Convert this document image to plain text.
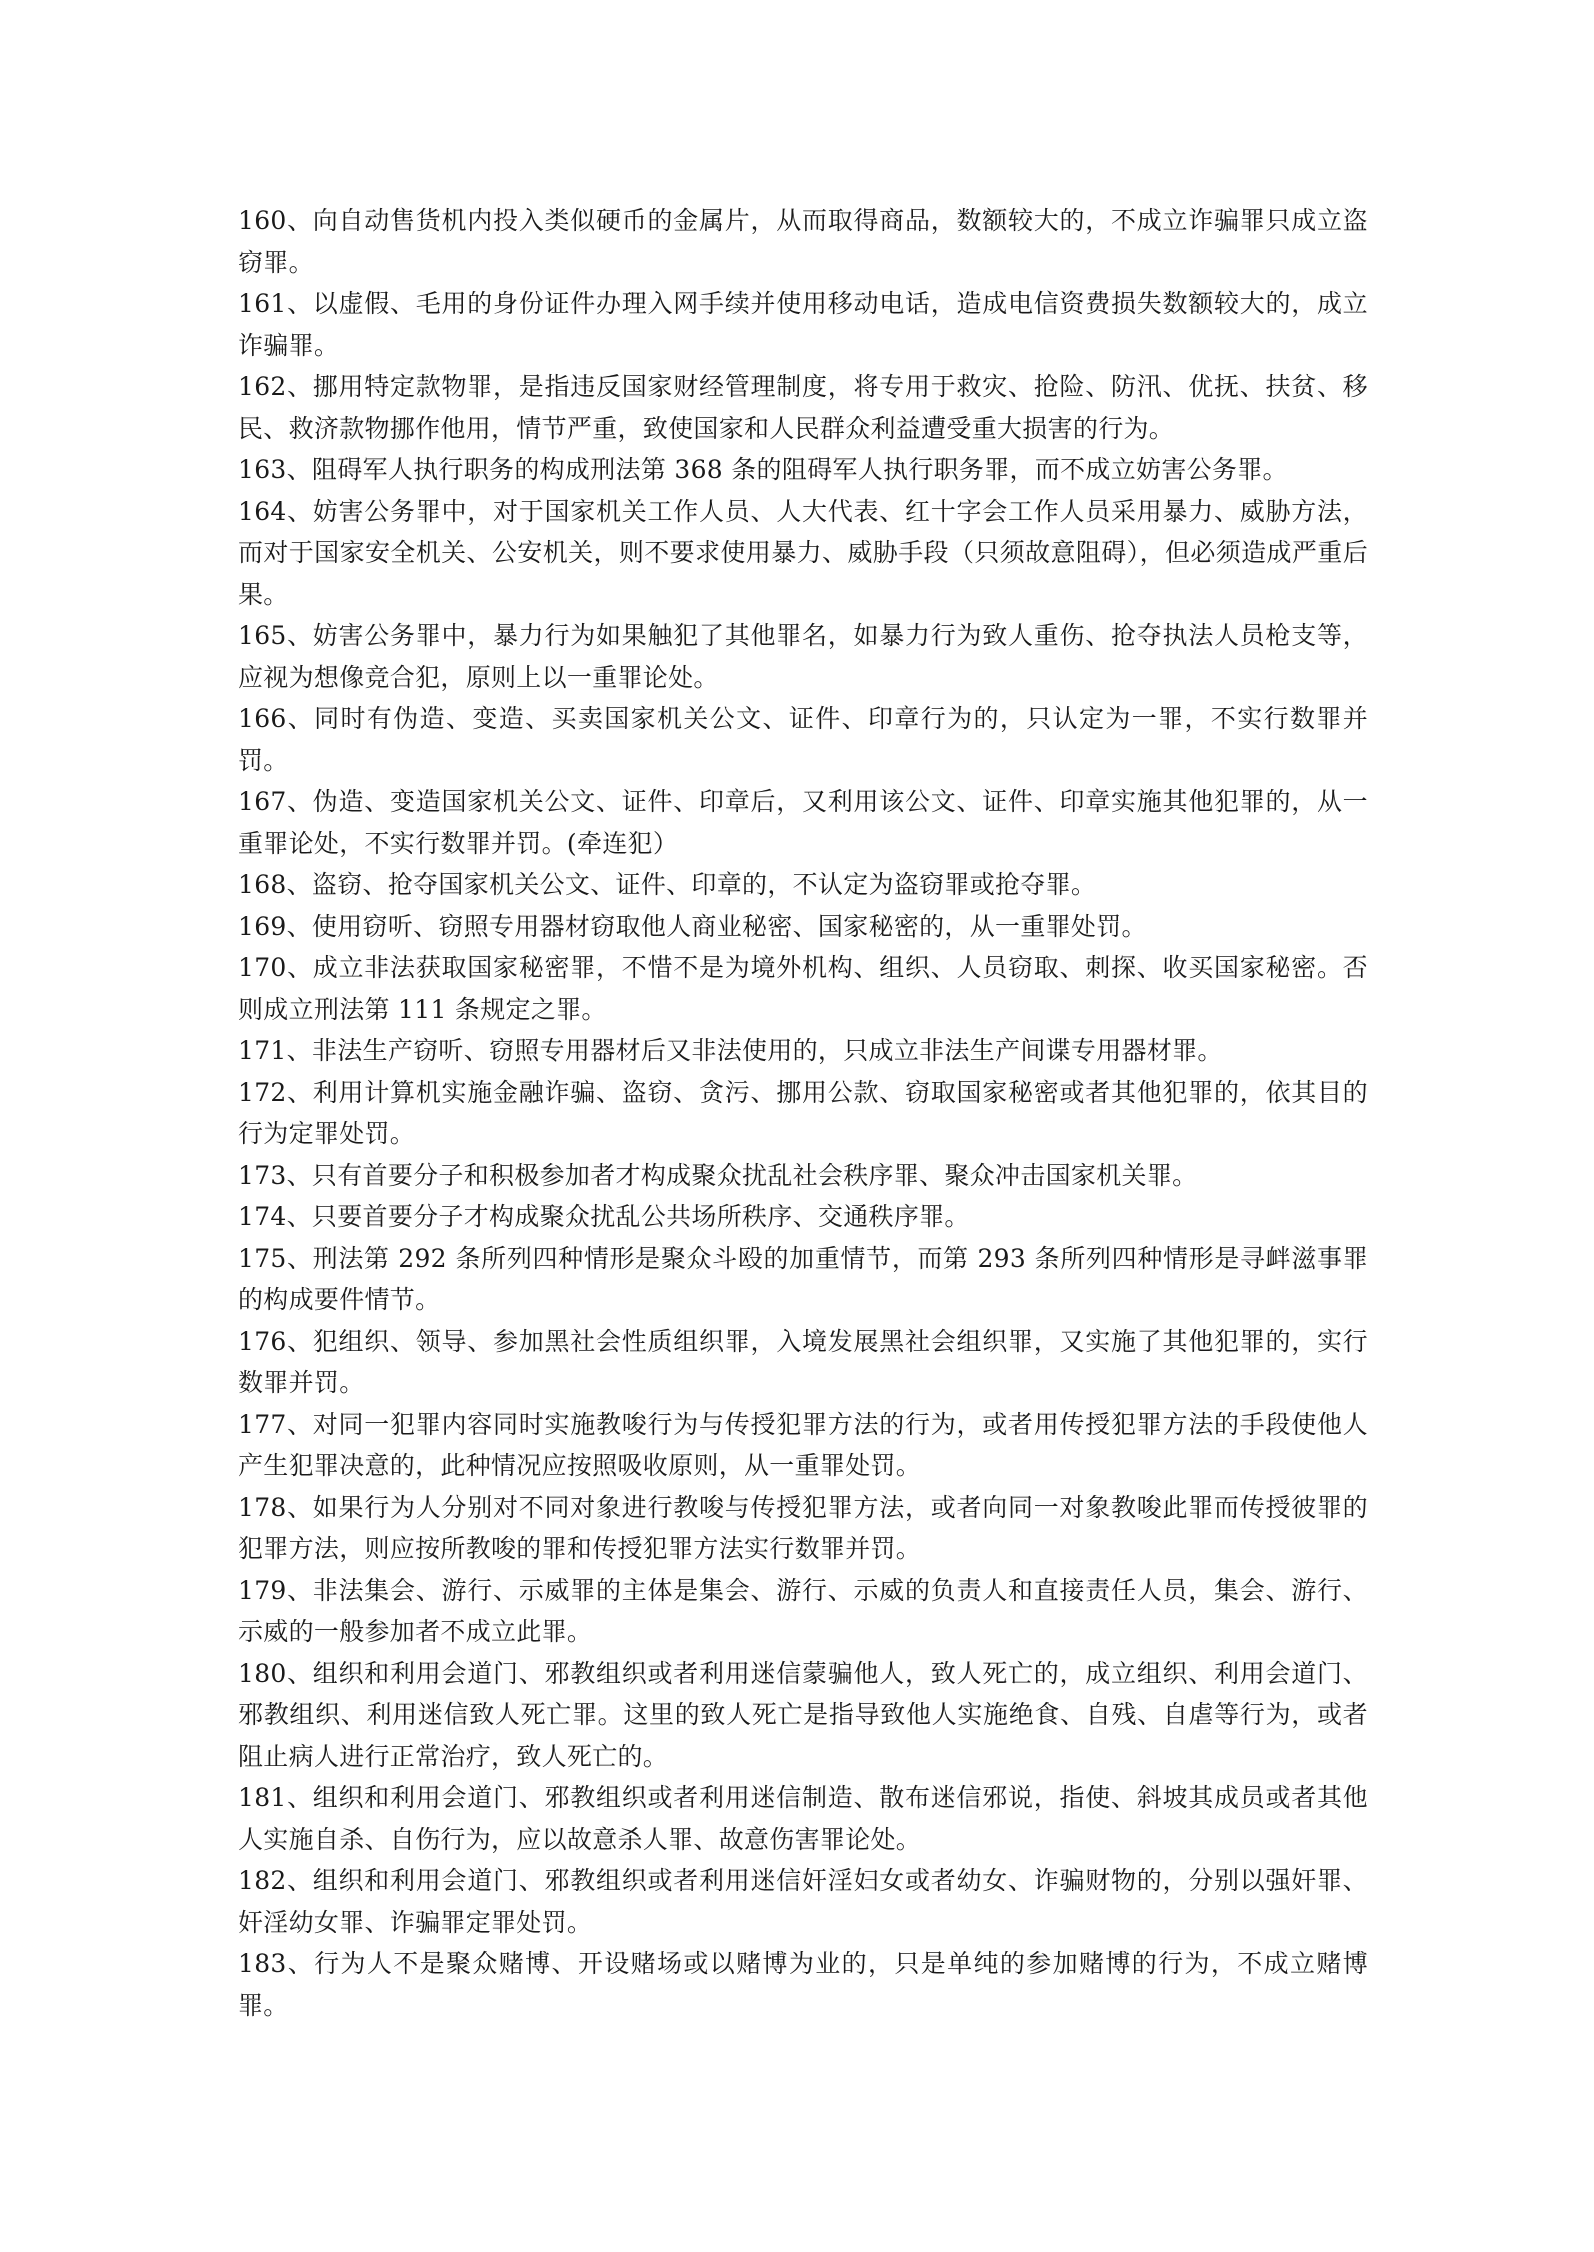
160、向自动售货机内投入类似硬币的金属片，从而取得商品，数额较大的，不成立诈骗罪只成立盗窃罪。

161、以虚假、毛用的身份证件办理入网手续并使用移动电话，造成电信资费损失数额较大的，成立诈骗罪。

162、挪用特定款物罪，是指违反国家财经管理制度，将专用于救灾、抢险、防汛、优抚、扶贫、移民、救济款物挪作他用，情节严重，致使国家和人民群众利益遭受重大损害的行为。

163、阻碍军人执行职务的构成刑法第 368 条的阻碍军人执行职务罪，而不成立妨害公务罪。

164、妨害公务罪中，对于国家机关工作人员、人大代表、红十字会工作人员采用暴力、威胁方法，而对于国家安全机关、公安机关，则不要求使用暴力、威胁手段（只须故意阻碍），但必须造成严重后果。

165、妨害公务罪中，暴力行为如果触犯了其他罪名，如暴力行为致人重伤、抢夺执法人员枪支等，应视为想像竞合犯，原则上以一重罪论处。

166、同时有伪造、变造、买卖国家机关公文、证件、印章行为的，只认定为一罪，不实行数罪并罚。

167、伪造、变造国家机关公文、证件、印章后，又利用该公文、证件、印章实施其他犯罪的，从一重罪论处，不实行数罪并罚。(牵连犯）

168、盗窃、抢夺国家机关公文、证件、印章的，不认定为盗窃罪或抢夺罪。

169、使用窃听、窃照专用器材窃取他人商业秘密、国家秘密的，从一重罪处罚。

170、成立非法获取国家秘密罪，不惜不是为境外机构、组织、人员窃取、刺探、收买国家秘密。否则成立刑法第 111 条规定之罪。

171、非法生产窃听、窃照专用器材后又非法使用的，只成立非法生产间谍专用器材罪。

172、利用计算机实施金融诈骗、盗窃、贪污、挪用公款、窃取国家秘密或者其他犯罪的，依其目的行为定罪处罚。

173、只有首要分子和积极参加者才构成聚众扰乱社会秩序罪、聚众冲击国家机关罪。

174、只要首要分子才构成聚众扰乱公共场所秩序、交通秩序罪。

175、刑法第 292 条所列四种情形是聚众斗殴的加重情节，而第 293 条所列四种情形是寻衅滋事罪的构成要件情节。

176、犯组织、领导、参加黑社会性质组织罪，入境发展黑社会组织罪，又实施了其他犯罪的，实行数罪并罚。

177、对同一犯罪内容同时实施教唆行为与传授犯罪方法的行为，或者用传授犯罪方法的手段使他人产生犯罪决意的，此种情况应按照吸收原则，从一重罪处罚。

178、如果行为人分别对不同对象进行教唆与传授犯罪方法，或者向同一对象教唆此罪而传授彼罪的犯罪方法，则应按所教唆的罪和传授犯罪方法实行数罪并罚。

179、非法集会、游行、示威罪的主体是集会、游行、示威的负责人和直接责任人员，集会、游行、示威的一般参加者不成立此罪。

180、组织和利用会道门、邪教组织或者利用迷信蒙骗他人，致人死亡的，成立组织、利用会道门、邪教组织、利用迷信致人死亡罪。这里的致人死亡是指导致他人实施绝食、自残、自虐等行为，或者阻止病人进行正常治疗，致人死亡的。

181、组织和利用会道门、邪教组织或者利用迷信制造、散布迷信邪说，指使、斜坡其成员或者其他人实施自杀、自伤行为，应以故意杀人罪、故意伤害罪论处。

182、组织和利用会道门、邪教组织或者利用迷信奸淫妇女或者幼女、诈骗财物的，分别以强奸罪、奸淫幼女罪、诈骗罪定罪处罚。

183、行为人不是聚众赌博、开设赌场或以赌博为业的，只是单纯的参加赌博的行为，不成立赌博罪。
